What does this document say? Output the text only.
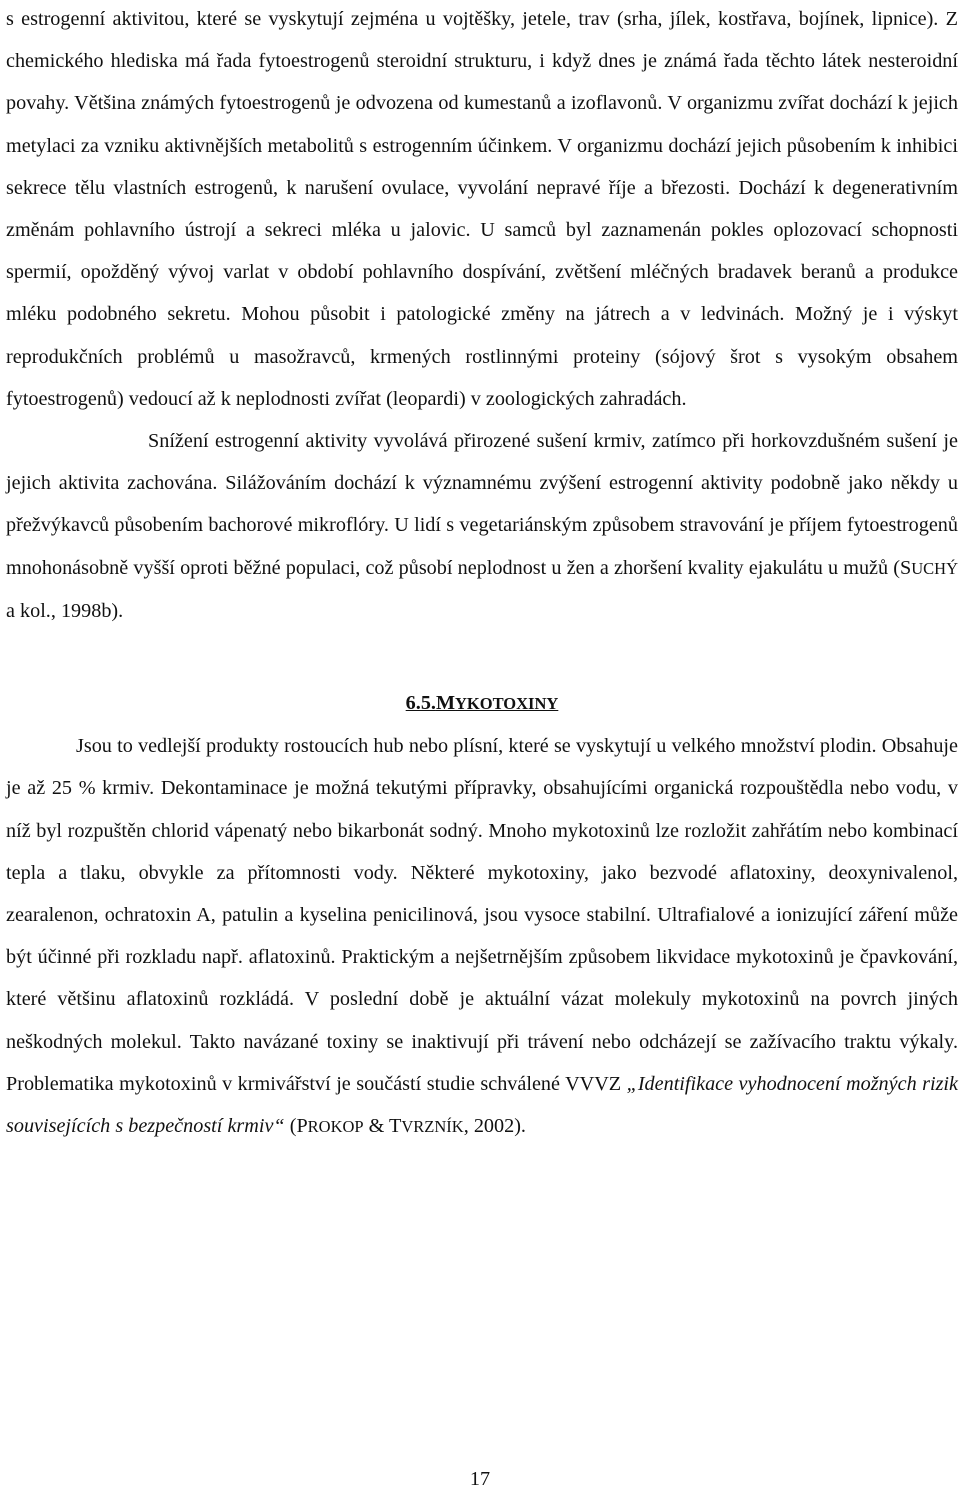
s estrogenní aktivitou, které se vyskytují zejména u vojtěšky, jetele, trav (srha, jílek, kostřava, bojínek, lipnice). Z chemického hlediska má řada fytoestrogenů steroidní strukturu, i když dnes je známá řada těchto látek nesteroidní povahy. Většina známých fytoestrogenů je odvozena od kumestanů a izoflavonů. V organizmu zvířat dochází k jejich metylaci za vzniku aktivnějších metabolitů s estrogenním účinkem. V organizmu dochází jejich působením k inhibici sekrece tělu vlastních estrogenů, k narušení ovulace, vyvolání nepravé říje a březosti. Dochází k degenerativním změnám pohlavního ústrojí a sekreci mléka u jalovic. U samců byl zaznamenán pokles oplozovací schopnosti spermií, opožděný vývoj varlat v období pohlavního dospívání, zvětšení mléčných bradavek beranů a produkce mléku podobného sekretu. Mohou působit i patologické změny na játrech a v ledvinách. Možný je i výskyt reprodukčních problémů u masožravců, krmených rostlinnými proteiny (sójový šrot s vysokým obsahem fytoestrogenů) vedoucí až k neplodnosti zvířat (leopardi) v zoologických zahradách.

Snížení estrogenní aktivity vyvolává přirozené sušení krmiv, zatímco při horkovzdušném sušení je jejich aktivita zachována. Silážováním dochází k významnému zvýšení estrogenní aktivity podobně jako někdy u přežvýkavců působením bachorové mikroflóry. U lidí s vegetariánským způsobem stravování je příjem fytoestrogenů mnohonásobně vyšší oproti běžné populaci, což působí neplodnost u žen a zhoršení kvality ejakulátu u mužů (SUCHÝ a kol., 1998b).

6.5.MYKOTOXINY

Jsou to vedlejší produkty rostoucích hub nebo plísní, které se vyskytují u velkého množství plodin. Obsahuje je až 25 % krmiv. Dekontaminace je možná tekutými přípravky, obsahujícími organická rozpouštědla nebo vodu, v níž byl rozpuštěn chlorid vápenatý nebo bikarbonát sodný. Mnoho mykotoxinů lze rozložit zahřátím nebo kombinací tepla a tlaku, obvykle za přítomnosti vody. Některé mykotoxiny, jako bezvodé aflatoxiny, deoxynivalenol, zearalenon, ochratoxin A, patulin a kyselina penicilinová, jsou vysoce stabilní. Ultrafialové a ionizující záření může být účinné při rozkladu např. aflatoxinů. Praktickým a nejšetrnějším způsobem likvidace mykotoxinů je čpavkování, které většinu aflatoxinů rozkládá. V poslední době je aktuální vázat molekuly mykotoxinů na povrch jiných neškodných molekul. Takto navázané toxiny se inaktivují při trávení nebo odcházejí se zažívacího traktu výkaly. Problematika mykotoxinů v krmivářství je součástí studie schválené VVVZ „Identifikace vyhodnocení možných rizik souvisejících s bezpečností krmiv“ (PROKOP & TVRZNÍK, 2002).

17
